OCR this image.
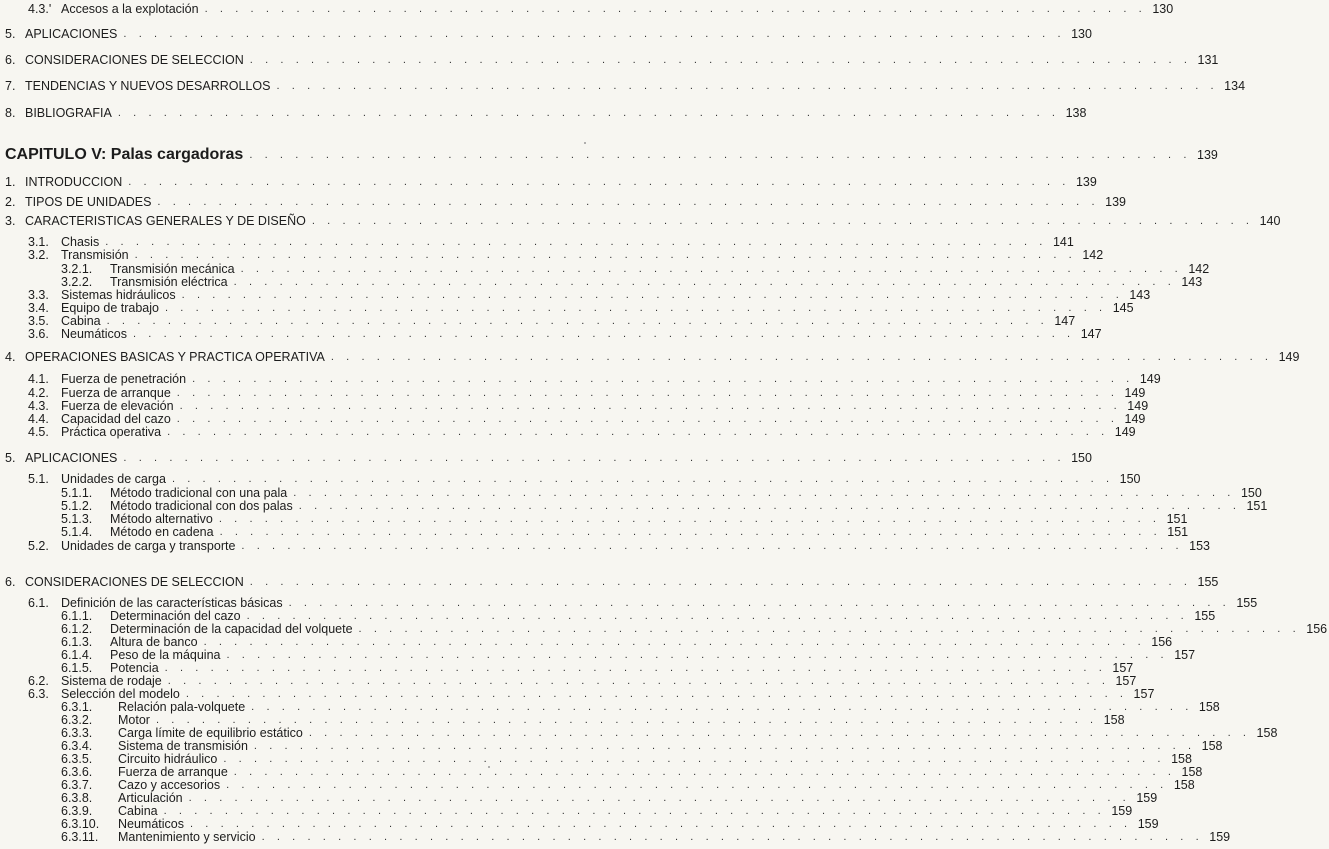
4.3.' Accesos a la explotación . . . . . . . . . . . . . . . . . . . . . . . . . . . . . . . . . . . . . . . . . . . . . . . . . . . . . . . . . . . . . . 130
5. APLICACIONES . . . . . . . . . . . . . . . . . . . . . . . . . . . . . . . . . . . . . . . . . . . . . . . . . . . . . . . . . . . . . . 130
6. CONSIDERACIONES DE SELECCION . . . . . . . . . . . . . . . . . . . . . . . . . . . . . . . . . . . . . . . . . . . . . . . . . . . . . . . . . . . . . . 131
7. TENDENCIAS Y NUEVOS DESARROLLOS . . . . . . . . . . . . . . . . . . . . . . . . . . . . . . . . . . . . . . . . . . . . . . . . . . . . . . . . . . . . . . 134
8. BIBLIOGRAFIA . . . . . . . . . . . . . . . . . . . . . . . . . . . . . . . . . . . . . . . . . . . . . . . . . . . . . . . . . . . . . . 138
CAPITULO V: Palas cargadoras . . . . . . . . . . . . . . . . . . . . . . . . . . . . . . . . . . . . . . . . . . . . . . . . . . . . . . . . . . . . . . 139
1. INTRODUCCION . . . . . . . . . . . . . . . . . . . . . . . . . . . . . . . . . . . . . . . . . . . . . . . . . . . . . . . . . . . . . . 139
2. TIPOS DE UNIDADES . . . . . . . . . . . . . . . . . . . . . . . . . . . . . . . . . . . . . . . . . . . . . . . . . . . . . . . . . . . . . . 139
3. CARACTERISTICAS GENERALES Y DE DISEÑO . . . . . . . . . . . . . . . . . . . . . . . . . . . . . . . . . . . . . . . . . . . . . . . . . . . . . . . . . . . . . . 140
3.1. Chasis . . . . . . . . . . . . . . . . . . . . . . . . . . . . . . . . . . . . . . . . . . . . . . . . . . . . . . . . . . . . . . 141
3.2. Transmisión . . . . . . . . . . . . . . . . . . . . . . . . . . . . . . . . . . . . . . . . . . . . . . . . . . . . . . . . . . . . . . 142
3.2.1.	Transmisión mecánica . . . . . . . . . . . . . . . . . . . . . . . . . . . . . . . . . . . . . . . . . . . . . . . . . . . . . . . . . . . . . . 142
3.2.2.	Transmisión eléctrica . . . . . . . . . . . . . . . . . . . . . . . . . . . . . . . . . . . . . . . . . . . . . . . . . . . . . . . . . . . . . . 143
3.3. Sistemas hidráulicos . . . . . . . . . . . . . . . . . . . . . . . . . . . . . . . . . . . . . . . . . . . . . . . . . . . . . . . . . . . . . . 143
3.4. Equipo de trabajo . . . . . . . . . . . . . . . . . . . . . . . . . . . . . . . . . . . . . . . . . . . . . . . . . . . . . . . . . . . . . . 145
3.5. Cabina . . . . . . . . . . . . . . . . . . . . . . . . . . . . . . . . . . . . . . . . . . . . . . . . . . . . . . . . . . . . . . 147
3.6. Neumáticos . . . . . . . . . . . . . . . . . . . . . . . . . . . . . . . . . . . . . . . . . . . . . . . . . . . . . . . . . . . . . . 147
4. OPERACIONES BASICAS Y PRACTICA OPERATIVA . . . . . . . . . . . . . . . . . . . . . . . . . . . . . . . . . . . . . . . . . . . . . . . . . . . . . . . . . . . . . . 149
4.1. Fuerza de penetración . . . . . . . . . . . . . . . . . . . . . . . . . . . . . . . . . . . . . . . . . . . . . . . . . . . . . . . . . . . . . . 149
4.2. Fuerza de arranque . . . . . . . . . . . . . . . . . . . . . . . . . . . . . . . . . . . . . . . . . . . . . . . . . . . . . . . . . . . . . . 149
4.3. Fuerza de elevación . . . . . . . . . . . . . . . . . . . . . . . . . . . . . . . . . . . . . . . . . . . . . . . . . . . . . . . . . . . . . . 149
4.4. Capacidad del cazo . . . . . . . . . . . . . . . . . . . . . . . . . . . . . . . . . . . . . . . . . . . . . . . . . . . . . . . . . . . . . . 149
4.5. Práctica operativa . . . . . . . . . . . . . . . . . . . . . . . . . . . . . . . . . . . . . . . . . . . . . . . . . . . . . . . . . . . . . . 149
5. APLICACIONES . . . . . . . . . . . . . . . . . . . . . . . . . . . . . . . . . . . . . . . . . . . . . . . . . . . . . . . . . . . . . . 150
5.1. Unidades de carga . . . . . . . . . . . . . . . . . . . . . . . . . . . . . . . . . . . . . . . . . . . . . . . . . . . . . . . . . . . . . . 150
5.1.1.	Método tradicional con una pala . . . . . . . . . . . . . . . . . . . . . . . . . . . . . . . . . . . . . . . . . . . . . . . . . . . . . . . . . . . . . . 150
5.1.2.	Método tradicional con dos palas . . . . . . . . . . . . . . . . . . . . . . . . . . . . . . . . . . . . . . . . . . . . . . . . . . . . . . . . . . . . . . 151
5.1.3.	Método alternativo . . . . . . . . . . . . . . . . . . . . . . . . . . . . . . . . . . . . . . . . . . . . . . . . . . . . . . . . . . . . . . 151
5.1.4.	Método en cadena . . . . . . . . . . . . . . . . . . . . . . . . . . . . . . . . . . . . . . . . . . . . . . . . . . . . . . . . . . . . . . 151
5.2. Unidades de carga y transporte . . . . . . . . . . . . . . . . . . . . . . . . . . . . . . . . . . . . . . . . . . . . . . . . . . . . . . . . . . . . . . 153
6. CONSIDERACIONES DE SELECCION . . . . . . . . . . . . . . . . . . . . . . . . . . . . . . . . . . . . . . . . . . . . . . . . . . . . . . . . . . . . . . 155
6.1. Definición de las características básicas . . . . . . . . . . . . . . . . . . . . . . . . . . . . . . . . . . . . . . . . . . . . . . . . . . . . . . . . . . . . . . 155
6.1.1.	Determinación del cazo . . . . . . . . . . . . . . . . . . . . . . . . . . . . . . . . . . . . . . . . . . . . . . . . . . . . . . . . . . . . . . 155
6.1.2.	Determinación de la capacidad del volquete . . . . . . . . . . . . . . . . . . . . . . . . . . . . . . . . . . . . . . . . . . . . . . . . . . . . . . . . . . . . . . 156
6.1.3.	Altura de banco . . . . . . . . . . . . . . . . . . . . . . . . . . . . . . . . . . . . . . . . . . . . . . . . . . . . . . . . . . . . . . 156
6.1.4.	Peso de la máquina . . . . . . . . . . . . . . . . . . . . . . . . . . . . . . . . . . . . . . . . . . . . . . . . . . . . . . . . . . . . . . 157
6.1.5.	Potencia . . . . . . . . . . . . . . . . . . . . . . . . . . . . . . . . . . . . . . . . . . . . . . . . . . . . . . . . . . . . . . 157
6.2. Sistema de rodaje . . . . . . . . . . . . . . . . . . . . . . . . . . . . . . . . . . . . . . . . . . . . . . . . . . . . . . . . . . . . . . 157
6.3. Selección del modelo . . . . . . . . . . . . . . . . . . . . . . . . . . . . . . . . . . . . . . . . . . . . . . . . . . . . . . . . . . . . . . 157
6.3.1.	Relación pala-volquete . . . . . . . . . . . . . . . . . . . . . . . . . . . . . . . . . . . . . . . . . . . . . . . . . . . . . . . . . . . . . . 158
6.3.2.	Motor . . . . . . . . . . . . . . . . . . . . . . . . . . . . . . . . . . . . . . . . . . . . . . . . . . . . . . . . . . . . . . 158
6.3.3.	Carga límite de equilibrio estático . . . . . . . . . . . . . . . . . . . . . . . . . . . . . . . . . . . . . . . . . . . . . . . . . . . . . . . . . . . . . . 158
6.3.4.	Sistema de transmisión . . . . . . . . . . . . . . . . . . . . . . . . . . . . . . . . . . . . . . . . . . . . . . . . . . . . . . . . . . . . . . 158
6.3.5.	Circuito hidráulico . . . . . . . . . . . . . . . . . . . . . . . . . . . . . . . . . . . . . . . . . . . . . . . . . . . . . . . . . . . . . . 158
6.3.6.	Fuerza de arranque . . . . . . . . . . . . . . . . . . . . . . . . . . . . . . . . . . . . . . . . . . . . . . . . . . . . . . . . . . . . . . 158
6.3.7.	Cazo y accesorios . . . . . . . . . . . . . . . . . . . . . . . . . . . . . . . . . . . . . . . . . . . . . . . . . . . . . . . . . . . . . . 158
6.3.8.	Articulación . . . . . . . . . . . . . . . . . . . . . . . . . . . . . . . . . . . . . . . . . . . . . . . . . . . . . . . . . . . . . . 159
6.3.9.	Cabina . . . . . . . . . . . . . . . . . . . . . . . . . . . . . . . . . . . . . . . . . . . . . . . . . . . . . . . . . . . . . . 159
6.3.10.	Neumáticos . . . . . . . . . . . . . . . . . . . . . . . . . . . . . . . . . . . . . . . . . . . . . . . . . . . . . . . . . . . . . . 159
6.3.11.	Mantenimiento y servicio . . . . . . . . . . . . . . . . . . . . . . . . . . . . . . . . . . . . . . . . . . . . . . . . . . . . . . . . . . . . . . 159
